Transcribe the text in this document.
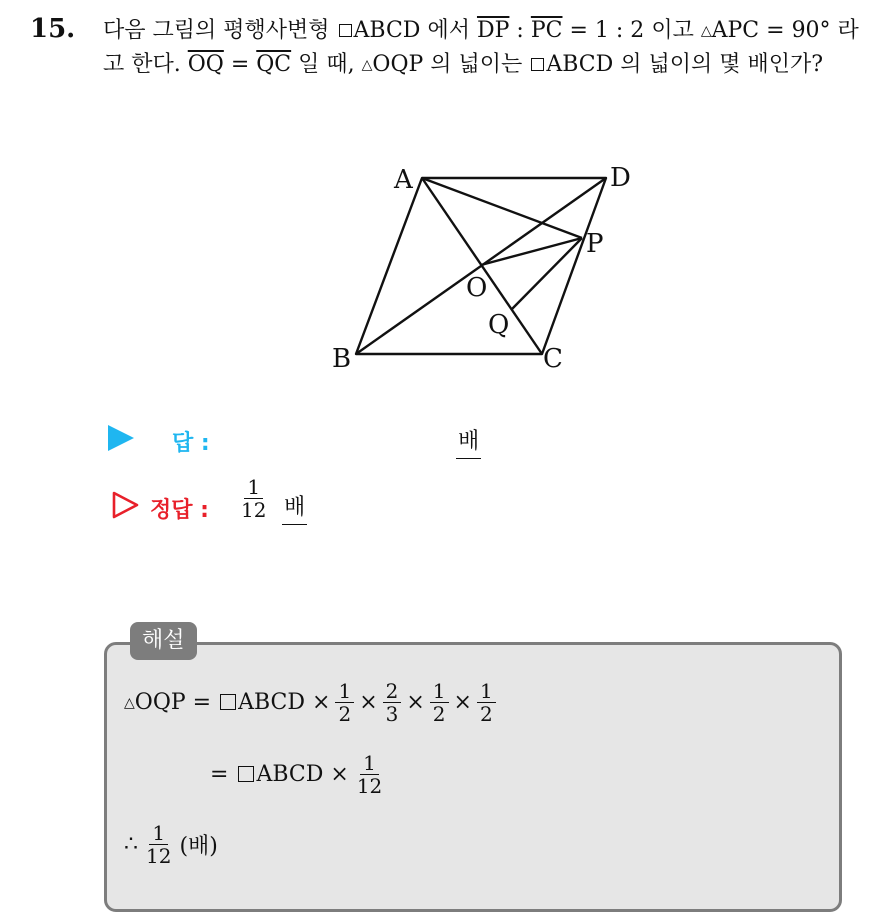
15. 다음 그림의 평행사변형 ABCD 에서 $\overline{DP}$ : $\overline{PC} = 1$ : 2 이고 △APC = 90° 라고 한다. $\overline{OQ} = \overline{QC}$ 일 때, △OQP 의 넓이는 ABCD 의 넓이의 몇 배인가?
A	D
P
O
Q
B	C
답 :	배
정답 : $\frac{1}{12}$ 배
해설
△ OQP = ABCD × $\frac{1}{2} \times \frac{2}{3} \times \frac{1}{2} \times \frac{1}{2}$
= ABCD × $\frac{1}{12}$
∴ $\frac{1}{12}$ (배)
